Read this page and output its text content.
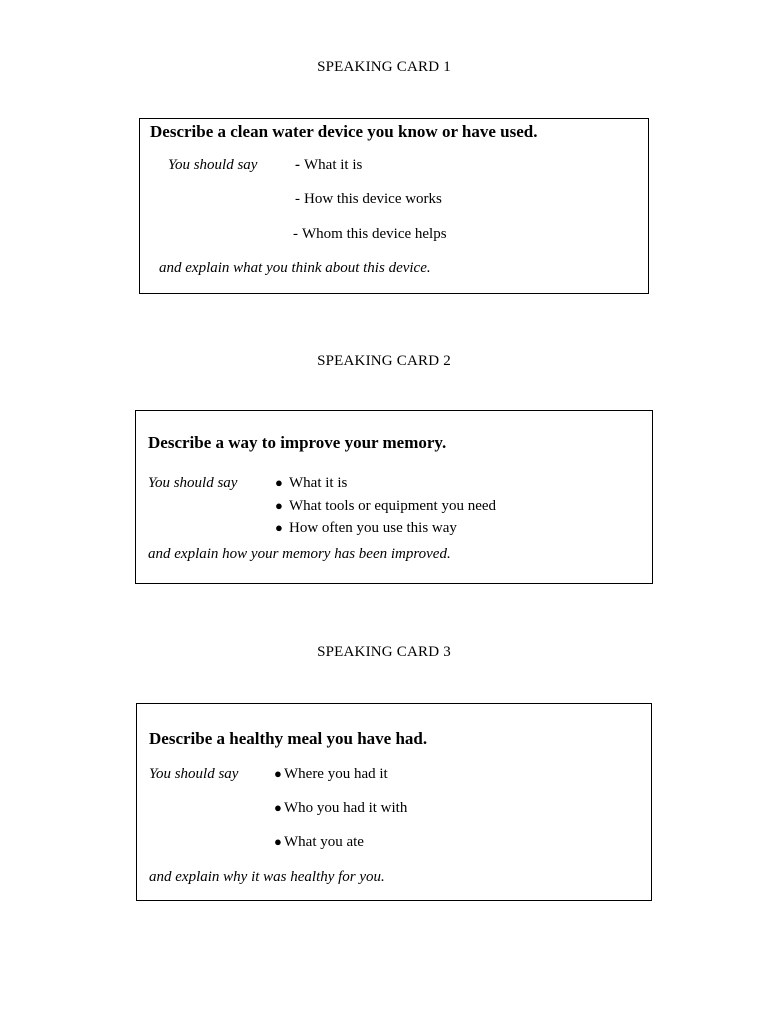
SPEAKING CARD 1
Describe a clean water device you know or have used.
You should say	- What it is
- How this device works
- Whom this device helps
and explain what you think about this device.
SPEAKING CARD 2
Describe a way to improve your memory.
You should say	● What it is
● What tools or equipment you need
● How often you use this way
and explain how your memory has been improved.
SPEAKING CARD 3
Describe a healthy meal you have had.
You should say	● Where you had it
● Who you had it with
● What you ate
and explain why it was healthy for you.
